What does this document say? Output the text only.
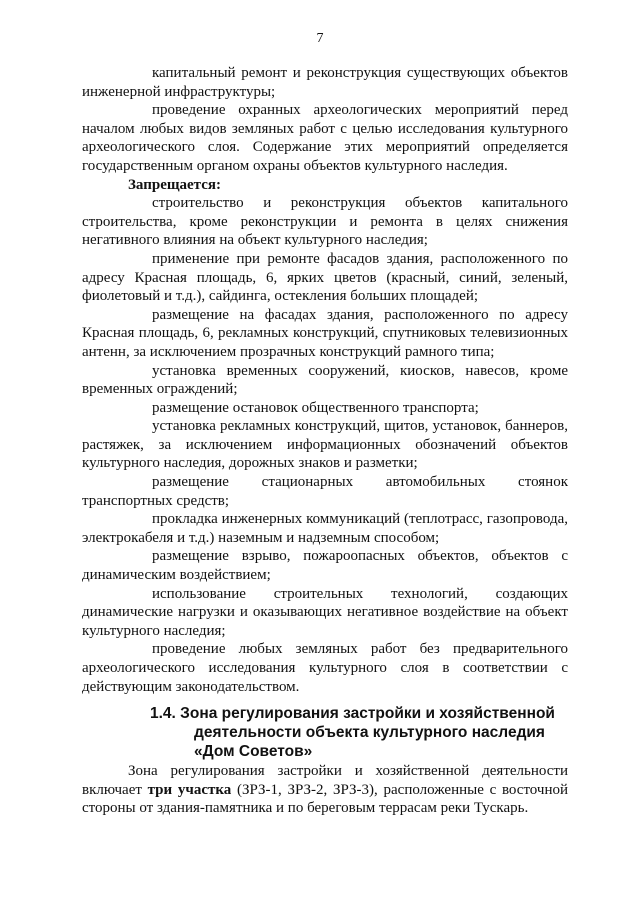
7

капитальный ремонт и реконструкция существующих объектов инженерной инфраструктуры;

проведение охранных археологических мероприятий перед началом любых видов земляных работ с целью исследования культурного археологического слоя. Содержание этих мероприятий определяется государственным органом охраны объектов культурного наследия.

Запрещается:

строительство и реконструкция объектов капитального строительства, кроме реконструкции и ремонта в целях снижения негативного влияния на объект культурного наследия;

применение при ремонте фасадов здания, расположенного по адресу Красная площадь, 6, ярких цветов (красный, синий, зеленый, фиолетовый и т.д.), сайдинга, остекления больших площадей;

размещение на фасадах здания, расположенного по адресу Красная площадь, 6, рекламных конструкций, спутниковых телевизионных антенн, за исключением прозрачных конструкций рамного типа;

установка временных сооружений, киосков, навесов, кроме временных ограждений;

размещение остановок общественного транспорта;

установка рекламных конструкций, щитов, установок, баннеров, растяжек, за исключением информационных обозначений объектов культурного наследия, дорожных знаков и разметки;

размещение стационарных автомобильных стоянок транспортных средств;

прокладка инженерных коммуникаций (теплотрасс, газопровода, электрокабеля и т.д.) наземным и надземным способом;

размещение взрыво, пожароопасных объектов, объектов с динамическим воздействием;

использование строительных технологий, создающих динамические нагрузки и оказывающих негативное воздействие на объект культурного наследия;

проведение любых земляных работ без предварительного археологического исследования культурного слоя в соответствии с действующим законодательством.

1.4. Зона регулирования застройки и хозяйственной
деятельности объекта культурного наследия
«Дом Советов»

Зона регулирования застройки и хозяйственной деятельности включает три участка (ЗРЗ-1, ЗРЗ-2, ЗРЗ-3), расположенные с восточной стороны от здания-памятника и по береговым террасам реки Тускарь.
